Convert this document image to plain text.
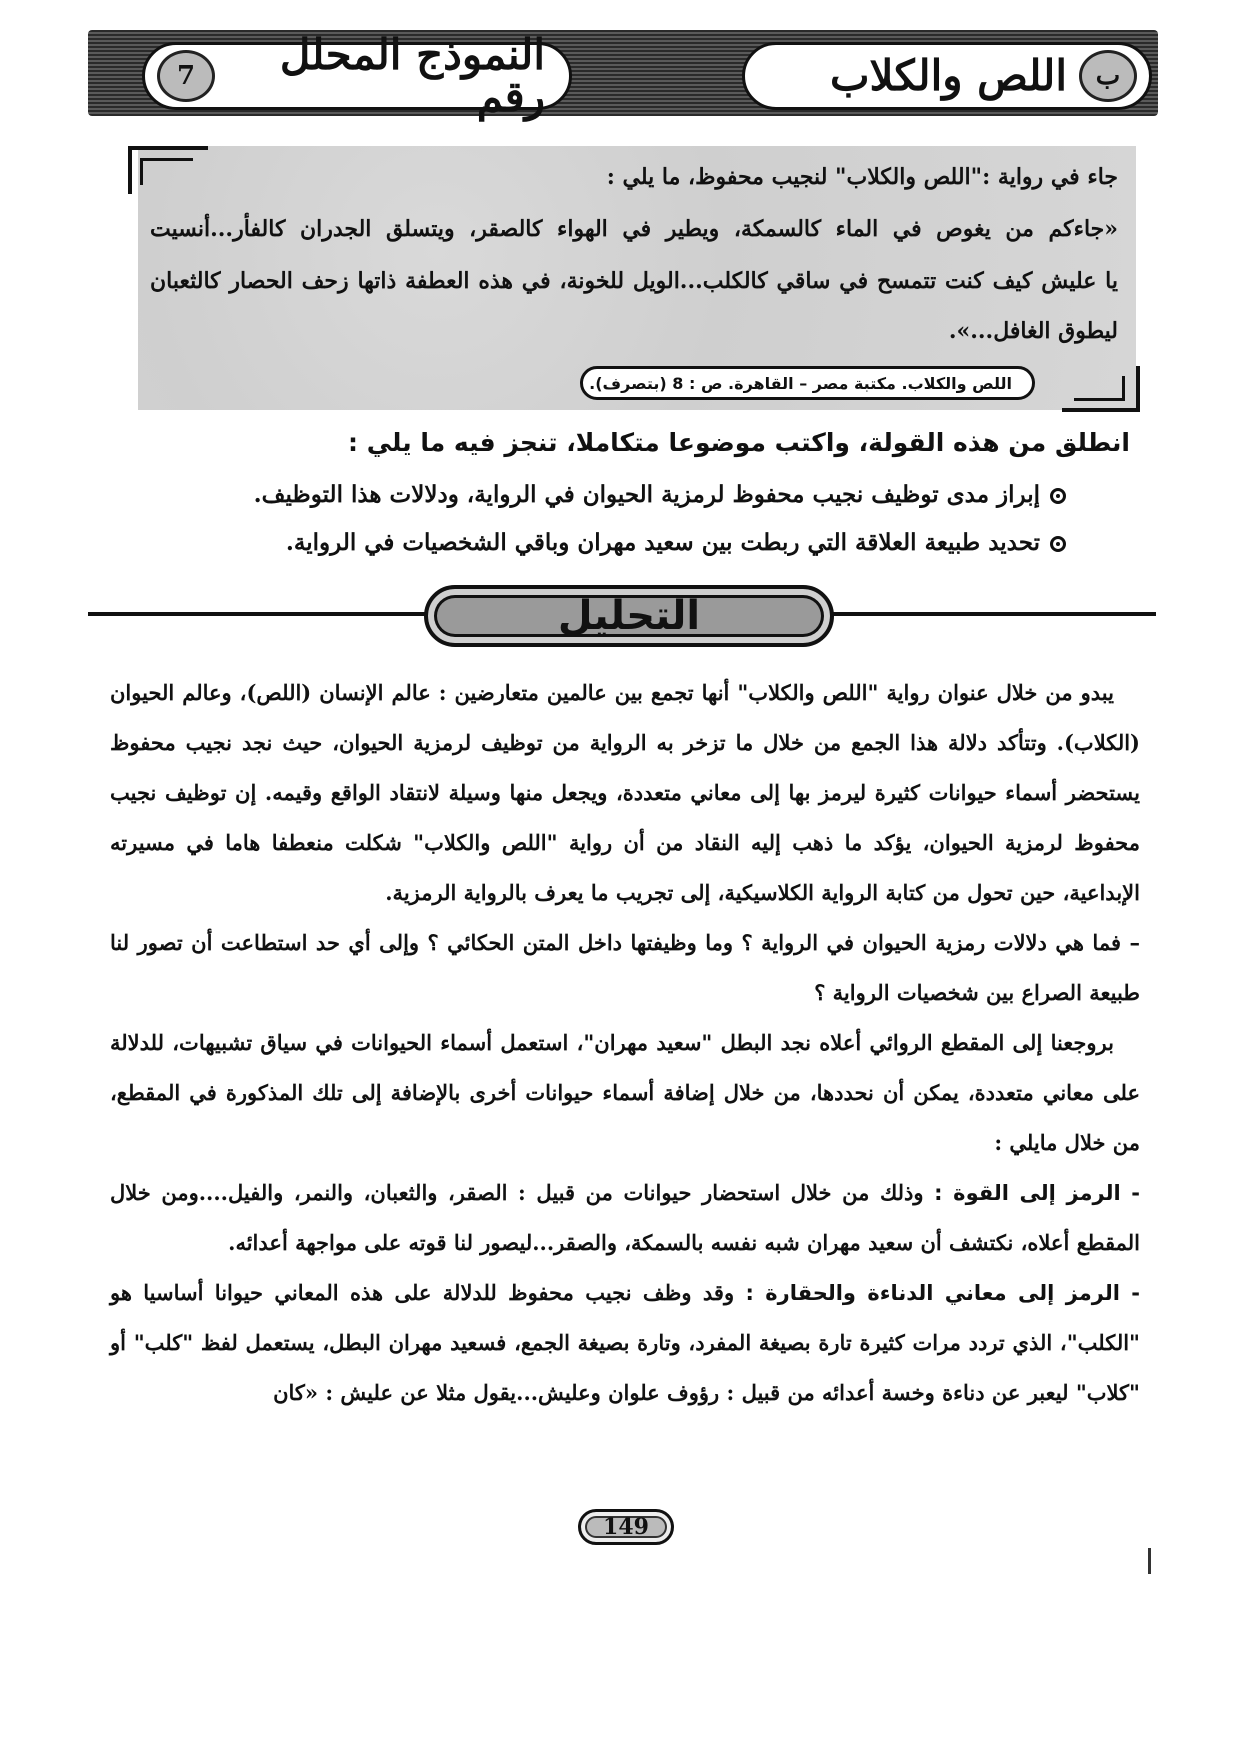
ب
اللص والكلاب
النموذج المحلل رقم
7
جاء في رواية :"اللص والكلاب" لنجيب محفوظ، ما يلي :
«جاءكم من يغوص في الماء كالسمكة، ويطير في الهواء كالصقر، ويتسلق الجدران كالفأر...أنسيت
يا عليش كيف كنت تتمسح في ساقي كالكلب...الويل للخونة، في هذه العطفة ذاتها زحف الحصار كالثعبان
ليطوق الغافل...».
اللص والكلاب. مكتبة مصر – القاهرة. ص : 8 (بتصرف).
انطلق من هذه القولة، واكتب موضوعا متكاملا، تنجز فيه ما يلي :
إبراز مدى توظيف نجيب محفوظ لرمزية الحيوان في الرواية، ودلالات هذا التوظيف.
تحديد طبيعة العلاقة التي ربطت بين سعيد مهران وباقي الشخصيات في الرواية.
التحليل

يبدو من خلال عنوان رواية "اللص والكلاب" أنها تجمع بين عالمين متعارضين : عالم الإنسان (اللص)، وعالم الحيوان (الكلاب). وتتأكد دلالة هذا الجمع من خلال ما تزخر به الرواية من توظيف لرمزية الحيوان، حيث نجد نجيب محفوظ يستحضر أسماء حيوانات كثيرة ليرمز بها إلى معاني متعددة، ويجعل منها وسيلة لانتقاد الواقع وقيمه. إن توظيف نجيب محفوظ لرمزية الحيوان، يؤكد ما ذهب إليه النقاد من أن رواية "اللص والكلاب" شكلت منعطفا هاما في مسيرته الإبداعية، حين تحول من كتابة الرواية الكلاسيكية، إلى تجريب ما يعرف بالرواية الرمزية.

– فما هي دلالات رمزية الحيوان في الرواية ؟ وما وظيفتها داخل المتن الحكائي ؟ وإلى أي حد استطاعت أن تصور لنا طبيعة الصراع بين شخصيات الرواية ؟

بروجعنا إلى المقطع الروائي أعلاه نجد البطل "سعيد مهران"، استعمل أسماء الحيوانات في سياق تشبيهات، للدلالة على معاني متعددة، يمكن أن نحددها، من خلال إضافة أسماء حيوانات أخرى بالإضافة إلى تلك المذكورة في المقطع، من خلال مايلي :

- الرمز إلى القوة : وذلك من خلال استحضار حيوانات من قبيل : الصقر، والثعبان، والنمر، والفيل....ومن خلال المقطع أعلاه، نكتشف أن سعيد مهران شبه نفسه بالسمكة، والصقر...ليصور لنا قوته على مواجهة أعدائه.

- الرمز إلى معاني الدناءة والحقارة : وقد وظف نجيب محفوظ للدلالة على هذه المعاني حيوانا أساسيا هو "الكلب"، الذي تردد مرات كثيرة تارة بصيغة المفرد، وتارة بصيغة الجمع، فسعيد مهران البطل، يستعمل لفظ "كلب" أو "كلاب" ليعبر عن دناءة وخسة أعدائه من قبيل : رؤوف علوان وعليش...يقول مثلا عن عليش : «كان

149
